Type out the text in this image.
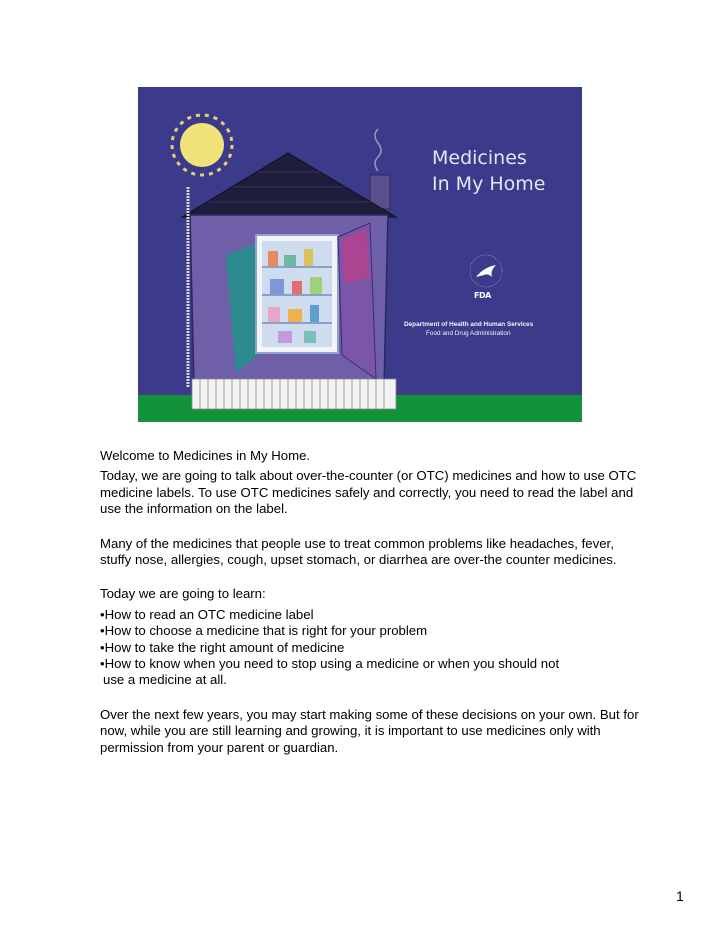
Medicines
In My Home
FDA
Department of Health and Human Services
Food and Drug Administration

Welcome to Medicines in My Home.

Today, we are going to talk about over-the-counter (or OTC) medicines and how to use OTC medicine labels. To use OTC medicines safely and correctly, you need to read the label and use the information on the label.

Many of the medicines that people use to treat common problems like headaches, fever, stuffy nose, allergies, cough, upset stomach, or diarrhea are over-the counter medicines.

Today we are going to learn:

•How to read an OTC medicine label

•How to choose a medicine that is right for your problem

•How to take the right amount of medicine

•How to know when you need to stop using a medicine or when you should not

use a medicine at all.

Over the next few years, you may start making some of these decisions on your own. But for now, while you are still learning and growing, it is important to use medicines only with permission from your parent or guardian.

1
